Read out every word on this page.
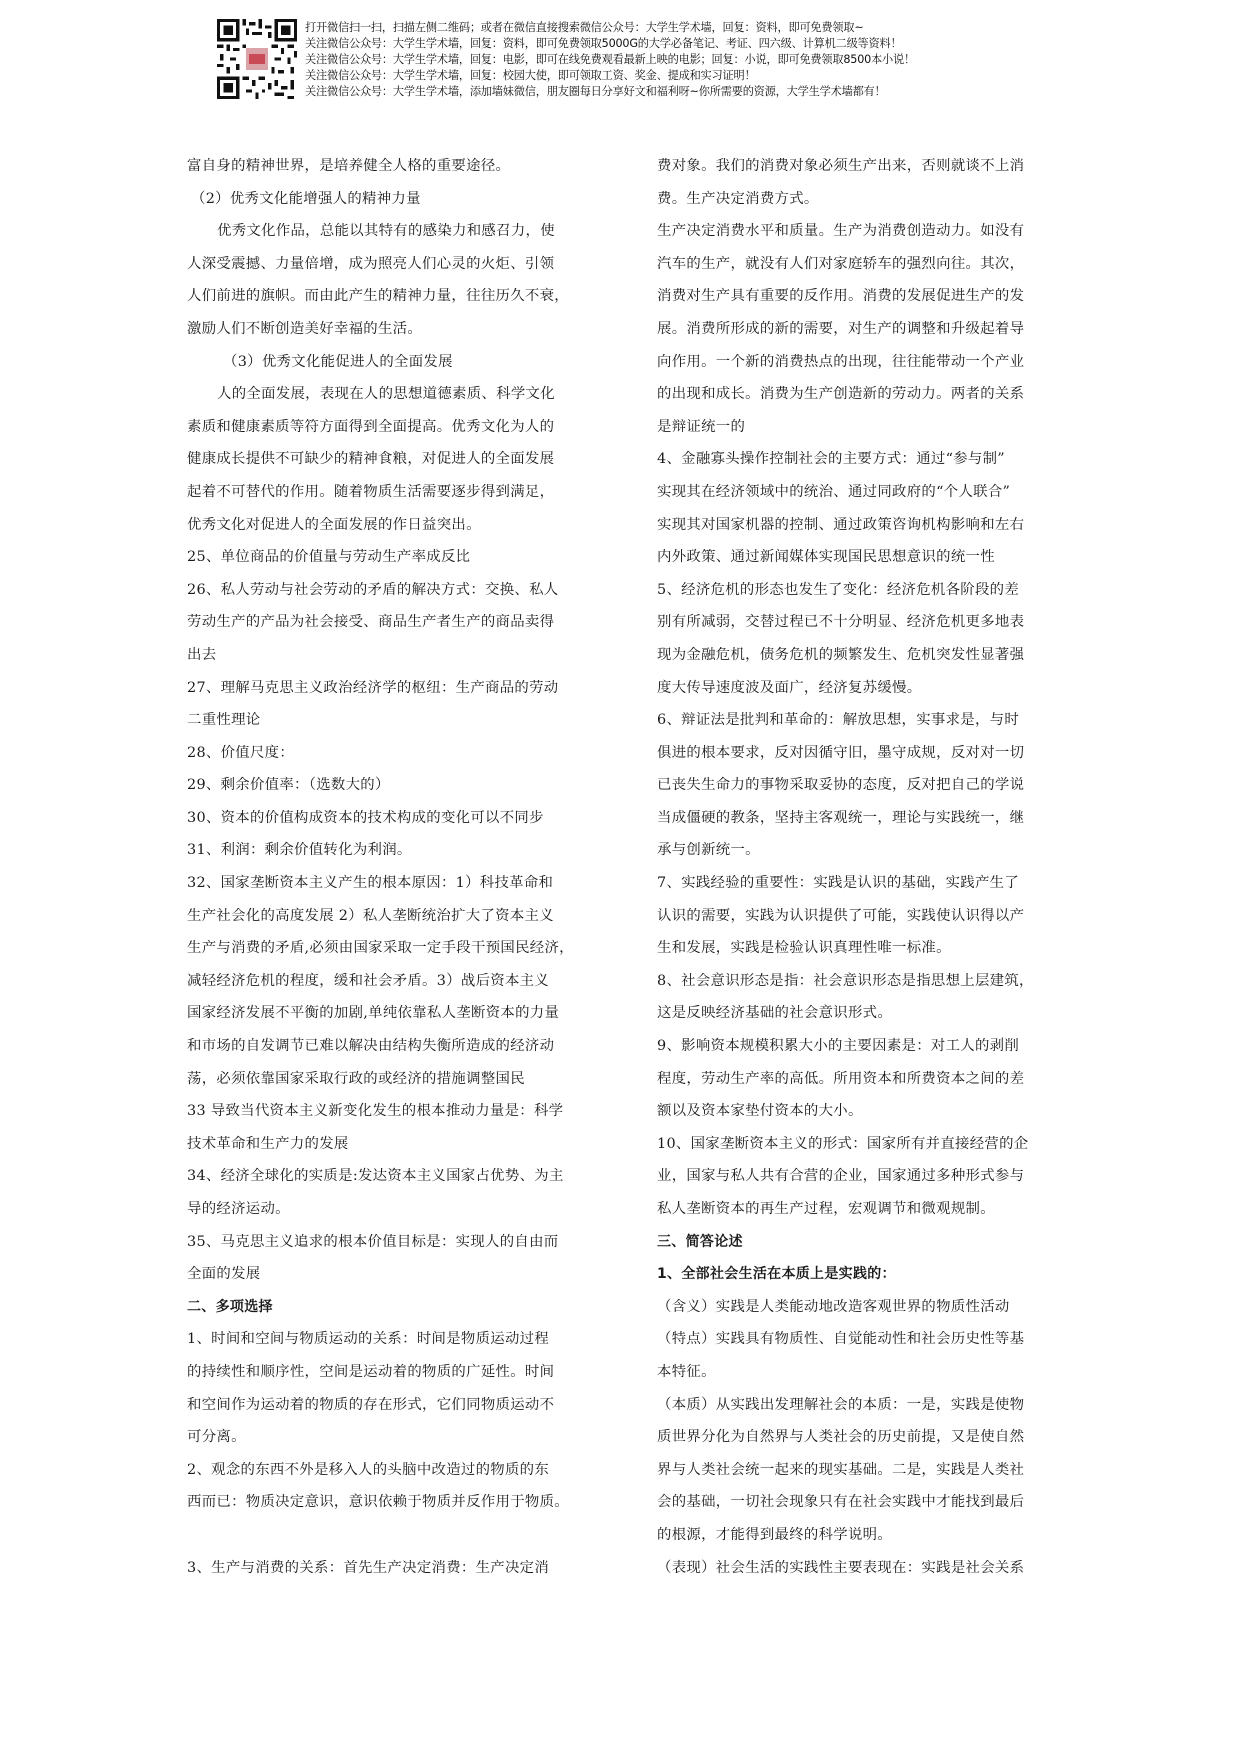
打开微信扫一扫，扫描左侧二维码；或者在微信直接搜索微信公众号：大学生学术墙，回复：资料，即可免费领取~
关注微信公众号：大学生学术墙，回复：资料，即可免费领取5000G的大学必备笔记、考证、四六级、计算机二级等资料！
关注微信公众号：大学生学术墙，回复：电影，即可在线免费观看最新上映的电影；回复：小说，即可免费领取8500本小说！
关注微信公众号：大学生学术墙，回复：校园大使，即可领取工资、奖金、提成和实习证明！
关注微信公众号：大学生学术墙，添加墙妹微信，朋友圈每日分享好文和福利呀~你所需要的资源，大学生学术墙都有！
富自身的精神世界，是培养健全人格的重要途径。
（2）优秀文化能增强人的精神力量
优秀文化作品，总能以其特有的感染力和感召力，使
人深受震撼、力量倍增，成为照亮人们心灵的火炬、引领
人们前进的旗帜。而由此产生的精神力量，往往历久不衰，
激励人们不断创造美好幸福的生活。
（3）优秀文化能促进人的全面发展
人的全面发展，表现在人的思想道德素质、科学文化
素质和健康素质等符方面得到全面提高。优秀文化为人的
健康成长提供不可缺少的精神食粮，对促进人的全面发展
起着不可替代的作用。随着物质生活需要逐步得到满足，
优秀文化对促进人的全面发展的作日益突出。
25、单位商品的价值量与劳动生产率成反比
26、私人劳动与社会劳动的矛盾的解决方式：交换、私人
劳动生产的产品为社会接受、商品生产者生产的商品卖得
出去
27、理解马克思主义政治经济学的枢纽：生产商品的劳动
二重性理论
28、价值尺度：
29、剩余价值率：（选数大的）
30、资本的价值构成资本的技术构成的变化可以不同步
31、利润：剩余价值转化为利润。
32、国家垄断资本主义产生的根本原因：1）科技革命和
生产社会化的高度发展 2）私人垄断统治扩大了资本主义
生产与消费的矛盾,必须由国家采取一定手段干预国民经济，
减轻经济危机的程度，缓和社会矛盾。3）战后资本主义
国家经济发展不平衡的加剧,单纯依靠私人垄断资本的力量
和市场的自发调节已难以解决由结构失衡所造成的经济动
荡，必须依靠国家采取行政的或经济的措施调整国民
33 导致当代资本主义新变化发生的根本推动力量是：科学
技术革命和生产力的发展
34、经济全球化的实质是:发达资本主义国家占优势、为主
导的经济运动。
35、马克思主义追求的根本价值目标是：实现人的自由而
全面的发展
二、多项选择
1、时间和空间与物质运动的关系：时间是物质运动过程
的持续性和顺序性，空间是运动着的物质的广延性。时间
和空间作为运动着的物质的存在形式，它们同物质运动不
可分离。
2、观念的东西不外是移入人的头脑中改造过的物质的东
西而已：物质决定意识，意识依赖于物质并反作用于物质。
3、生产与消费的关系：首先生产决定消费：生产决定消
费对象。我们的消费对象必须生产出来，否则就谈不上消
费。生产决定消费方式。
生产决定消费水平和质量。生产为消费创造动力。如没有
汽车的生产，就没有人们对家庭轿车的强烈向往。其次，
消费对生产具有重要的反作用。消费的发展促进生产的发
展。消费所形成的新的需要，对生产的调整和升级起着导
向作用。一个新的消费热点的出现，往往能带动一个产业
的出现和成长。消费为生产创造新的劳动力。两者的关系
是辩证统一的
4、金融寡头操作控制社会的主要方式：通过“参与制”
实现其在经济领域中的统治、通过同政府的“个人联合”
实现其对国家机器的控制、通过政策咨询机构影响和左右
内外政策、通过新闻媒体实现国民思想意识的统一性
5、经济危机的形态也发生了变化：经济危机各阶段的差
别有所减弱，交替过程已不十分明显、经济危机更多地表
现为金融危机，债务危机的频繁发生、危机突发性显著强
度大传导速度波及面广，经济复苏缓慢。
6、辩证法是批判和革命的：解放思想，实事求是，与时
俱进的根本要求，反对因循守旧，墨守成规，反对对一切
已丧失生命力的事物采取妥协的态度，反对把自己的学说
当成僵硬的教条，坚持主客观统一，理论与实践统一，继
承与创新统一。
7、实践经验的重要性：实践是认识的基础，实践产生了
认识的需要，实践为认识提供了可能，实践使认识得以产
生和发展，实践是检验认识真理性唯一标准。
8、社会意识形态是指：社会意识形态是指思想上层建筑，
这是反映经济基础的社会意识形式。
9、影响资本规模积累大小的主要因素是：对工人的剥削
程度，劳动生产率的高低。所用资本和所费资本之间的差
额以及资本家垫付资本的大小。
10、国家垄断资本主义的形式：国家所有并直接经营的企
业，国家与私人共有合营的企业，国家通过多种形式参与
私人垄断资本的再生产过程，宏观调节和微观规制。
三、简答论述
1、全部社会生活在本质上是实践的：
（含义）实践是人类能动地改造客观世界的物质性活动
（特点）实践具有物质性、自觉能动性和社会历史性等基
本特征。
（本质）从实践出发理解社会的本质：一是，实践是使物
质世界分化为自然界与人类社会的历史前提，又是使自然
界与人类社会统一起来的现实基础。二是，实践是人类社
会的基础，一切社会现象只有在社会实践中才能找到最后
的根源，才能得到最终的科学说明。
（表现）社会生活的实践性主要表现在：实践是社会关系
